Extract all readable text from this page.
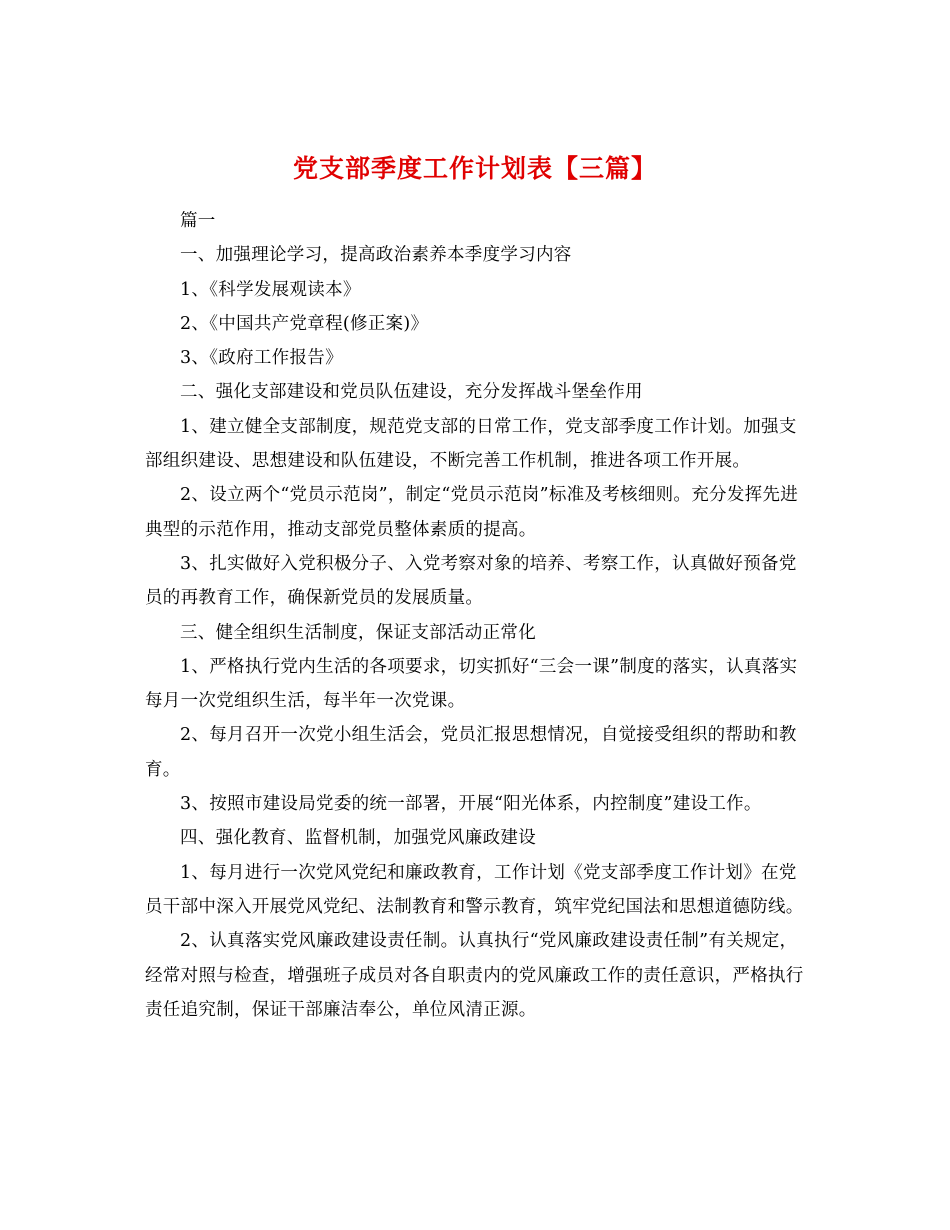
党支部季度工作计划表【三篇】

篇一

一、加强理论学习，提高政治素养本季度学习内容

1、《科学发展观读本》

2、《中国共产党章程(修正案)》

3、《政府工作报告》

二、强化支部建设和党员队伍建设，充分发挥战斗堡垒作用

1、建立健全支部制度，规范党支部的日常工作，党支部季度工作计划。加强支部组织建设、思想建设和队伍建设，不断完善工作机制，推进各项工作开展。

2、设立两个“党员示范岗”，制定“党员示范岗”标准及考核细则。充分发挥先进典型的示范作用，推动支部党员整体素质的提高。

3、扎实做好入党积极分子、入党考察对象的培养、考察工作，认真做好预备党员的再教育工作，确保新党员的发展质量。

三、健全组织生活制度，保证支部活动正常化

1、严格执行党内生活的各项要求，切实抓好“三会一课”制度的落实，认真落实每月一次党组织生活，每半年一次党课。

2、每月召开一次党小组生活会，党员汇报思想情况，自觉接受组织的帮助和教育。

3、按照市建设局党委的统一部署，开展“阳光体系，内控制度”建设工作。

四、强化教育、监督机制，加强党风廉政建设

1、每月进行一次党风党纪和廉政教育，工作计划《党支部季度工作计划》在党员干部中深入开展党风党纪、法制教育和警示教育，筑牢党纪国法和思想道德防线。

2、认真落实党风廉政建设责任制。认真执行“党风廉政建设责任制”有关规定，经常对照与检查，增强班子成员对各自职责内的党风廉政工作的责任意识，严格执行责任追究制，保证干部廉洁奉公，单位风清正源。
